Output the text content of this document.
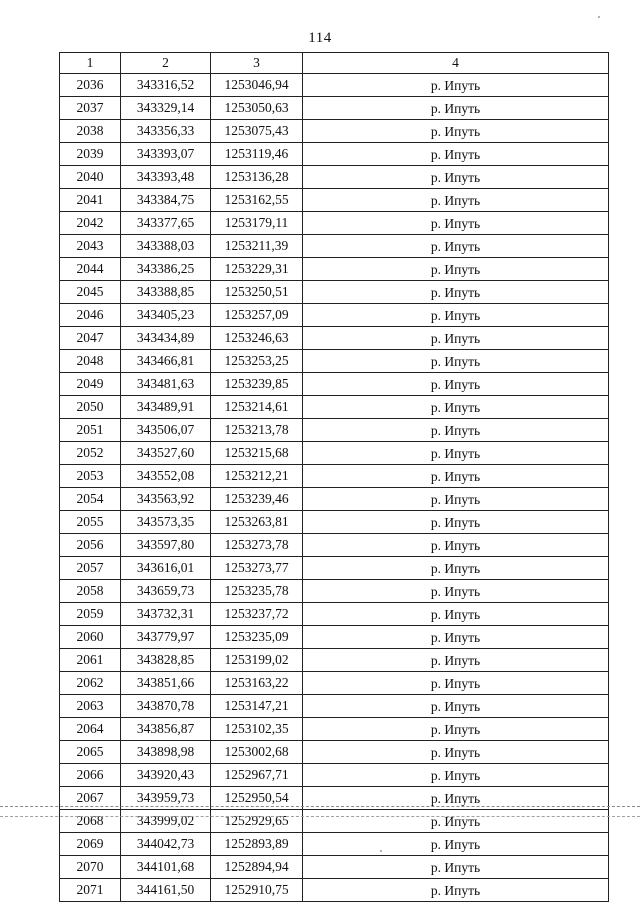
114
1	2	3	4
2036	343316,52	1253046,94	р. Ипуть
2037	343329,14	1253050,63	р. Ипуть
2038	343356,33	1253075,43	р. Ипуть
2039	343393,07	1253119,46	р. Ипуть
2040	343393,48	1253136,28	р. Ипуть
2041	343384,75	1253162,55	р. Ипуть
2042	343377,65	1253179,11	р. Ипуть
2043	343388,03	1253211,39	р. Ипуть
2044	343386,25	1253229,31	р. Ипуть
2045	343388,85	1253250,51	р. Ипуть
2046	343405,23	1253257,09	р. Ипуть
2047	343434,89	1253246,63	р. Ипуть
2048	343466,81	1253253,25	р. Ипуть
2049	343481,63	1253239,85	р. Ипуть
2050	343489,91	1253214,61	р. Ипуть
2051	343506,07	1253213,78	р. Ипуть
2052	343527,60	1253215,68	р. Ипуть
2053	343552,08	1253212,21	р. Ипуть
2054	343563,92	1253239,46	р. Ипуть
2055	343573,35	1253263,81	р. Ипуть
2056	343597,80	1253273,78	р. Ипуть
2057	343616,01	1253273,77	р. Ипуть
2058	343659,73	1253235,78	р. Ипуть
2059	343732,31	1253237,72	р. Ипуть
2060	343779,97	1253235,09	р. Ипуть
2061	343828,85	1253199,02	р. Ипуть
2062	343851,66	1253163,22	р. Ипуть
2063	343870,78	1253147,21	р. Ипуть
2064	343856,87	1253102,35	р. Ипуть
2065	343898,98	1253002,68	р. Ипуть
2066	343920,43	1252967,71	р. Ипуть
2067	343959,73	1252950,54	р. Ипуть
2068	343999,02	1252929,65	р. Ипуть
2069	344042,73	1252893,89	р. Ипуть
2070	344101,68	1252894,94	р. Ипуть
2071	344161,50	1252910,75	р. Ипуть
